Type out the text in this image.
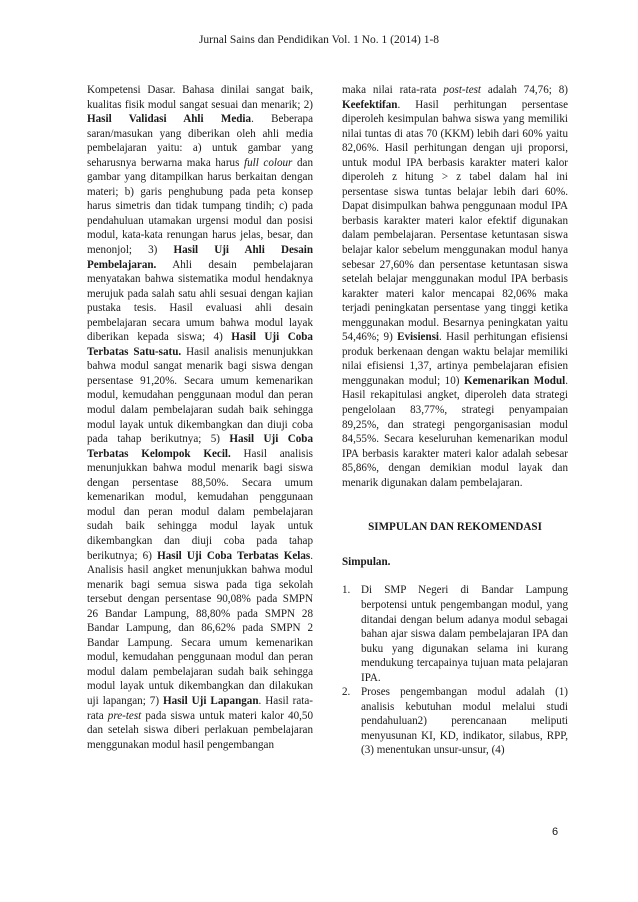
Jurnal Sains dan Pendidikan Vol. 1 No. 1 (2014) 1-8

Kompetensi Dasar. Bahasa dinilai sangat baik, kualitas fisik modul sangat sesuai dan menarik; 2) Hasil Validasi Ahli Media. Beberapa saran/masukan yang diberikan oleh ahli media pembelajaran yaitu: a) untuk gambar yang seharusnya berwarna maka harus full colour dan gambar yang ditampilkan harus berkaitan dengan materi; b) garis penghubung pada peta konsep harus simetris dan tidak tumpang tindih; c) pada pendahuluan utamakan urgensi modul dan posisi modul, kata-kata renungan harus jelas, besar, dan menonjol; 3) Hasil Uji Ahli Desain Pembelajaran. Ahli desain pembelajaran menyatakan bahwa sistematika modul hendaknya merujuk pada salah satu ahli sesuai dengan kajian pustaka tesis. Hasil evaluasi ahli desain pembelajaran secara umum bahwa modul layak diberikan kepada siswa; 4) Hasil Uji Coba Terbatas Satu-satu. Hasil analisis menunjukkan bahwa modul sangat menarik bagi siswa dengan persentase 91,20%. Secara umum kemenarikan modul, kemudahan penggunaan modul dan peran modul dalam pembelajaran sudah baik sehingga modul layak untuk dikembangkan dan diuji coba pada tahap berikutnya; 5) Hasil Uji Coba Terbatas Kelompok Kecil. Hasil analisis menunjukkan bahwa modul menarik bagi siswa dengan persentase 88,50%. Secara umum kemenarikan modul, kemudahan penggunaan modul dan peran modul dalam pembelajaran sudah baik sehingga modul layak untuk dikembangkan dan diuji coba pada tahap berikutnya; 6) Hasil Uji Coba Terbatas Kelas. Analisis hasil angket menunjukkan bahwa modul menarik bagi semua siswa pada tiga sekolah tersebut dengan persentase 90,08% pada SMPN 26 Bandar Lampung, 88,80% pada SMPN 28 Bandar Lampung, dan 86,62% pada SMPN 2 Bandar Lampung. Secara umum kemenarikan modul, kemudahan penggunaan modul dan peran modul dalam pembelajaran sudah baik sehingga modul layak untuk dikembangkan dan dilakukan uji lapangan; 7) Hasil Uji Lapangan. Hasil rata-rata pre-test pada siswa untuk materi kalor 40,50 dan setelah siswa diberi perlakuan pembelajaran menggunakan modul hasil pengembangan

maka nilai rata-rata post-test adalah 74,76; 8) Keefektifan. Hasil perhitungan persentase diperoleh kesimpulan bahwa siswa yang memiliki nilai tuntas di atas 70 (KKM) lebih dari 60% yaitu 82,06%. Hasil perhitungan dengan uji proporsi, untuk modul IPA berbasis karakter materi kalor diperoleh z hitung > z tabel dalam hal ini persentase siswa tuntas belajar lebih dari 60%. Dapat disimpulkan bahwa penggunaan modul IPA berbasis karakter materi kalor efektif digunakan dalam pembelajaran. Persentase ketuntasan siswa belajar kalor sebelum menggunakan modul hanya sebesar 27,60% dan persentase ketuntasan siswa setelah belajar menggunakan modul IPA berbasis karakter materi kalor mencapai 82,06% maka terjadi peningkatan persentase yang tinggi ketika menggunakan modul. Besarnya peningkatan yaitu 54,46%; 9) Evisiensi. Hasil perhitungan efisiensi produk berkenaan dengan waktu belajar memiliki nilai efisiensi 1,37, artinya pembelajaran efisien menggunakan modul; 10) Kemenarikan Modul. Hasil rekapitulasi angket, diperoleh data strategi pengelolaan 83,77%, strategi penyampaian 89,25%, dan strategi pengorganisasian modul 84,55%. Secara keseluruhan kemenarikan modul IPA berbasis karakter materi kalor adalah sebesar 85,86%, dengan demikian modul layak dan menarik digunakan dalam pembelajaran.

SIMPULAN DAN REKOMENDASI
Simpulan.
1. Di SMP Negeri di Bandar Lampung berpotensi untuk pengembangan modul, yang ditandai dengan belum adanya modul sebagai bahan ajar siswa dalam pembelajaran IPA dan buku yang digunakan selama ini kurang mendukung tercapainya tujuan mata pelajaran IPA.
2. Proses pengembangan modul adalah (1) analisis kebutuhan modul melalui studi pendahuluan2) perencanaan meliputi menyusunan KI, KD, indikator, silabus, RPP, (3) menentukan unsur-unsur, (4)
6
